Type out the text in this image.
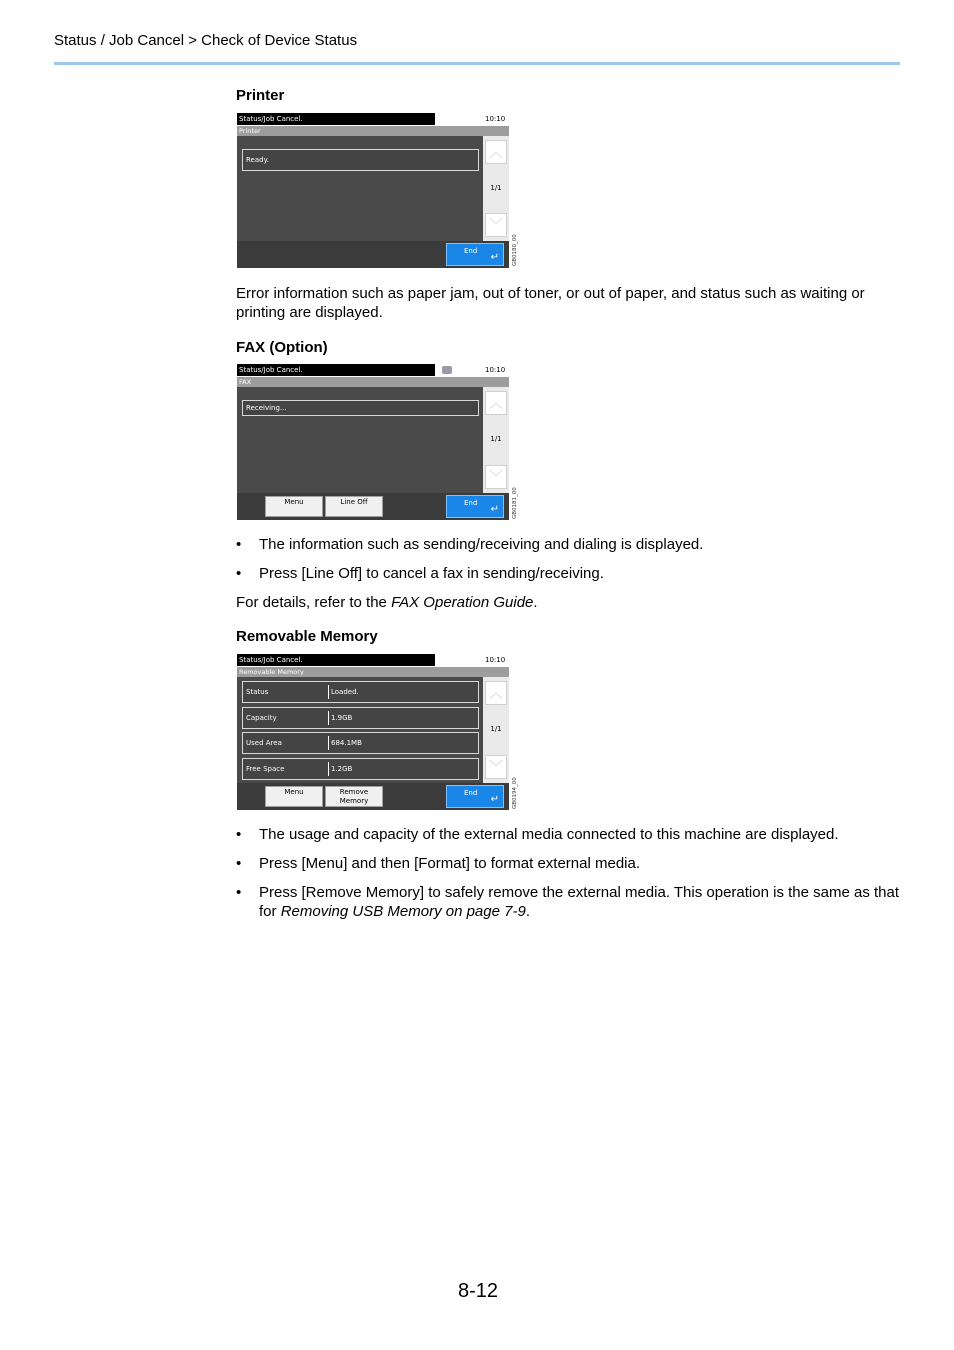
Status / Job Cancel > Check of Device Status
Printer
Status/Job Cancel.	10:10
Printer
Ready.	︿
1/1
﹀
End
↵ GB0180_00
Error information such as paper jam, out of toner, or out of paper, and status such as waiting or printing are displayed.
FAX (Option)
Status/Job Cancel.	10:10
FAX
Receiving...	︿
1/1
﹀
Menu	Line Off	End
↵ GB0181_00
• The information such as sending/receiving and dialing is displayed.
• Press [Line Off] to cancel a fax in sending/receiving.
For details, refer to the FAX Operation Guide.
Removable Memory
Status/Job Cancel.	10:10
Removable Memory
Status	Loaded.
Capacity	1.9GB
Used Area	684.1MB
Free Space	1.2GB
︿
1/1
﹀
Menu	Remove
Memory
End
↵ GB0194_00
• The usage and capacity of the external media connected to this machine are displayed.
• Press [Menu] and then [Format] to format external media.
• Press [Remove Memory] to safely remove the external media. This operation is the same as that for Removing USB Memory on page 7-9.
8-12
